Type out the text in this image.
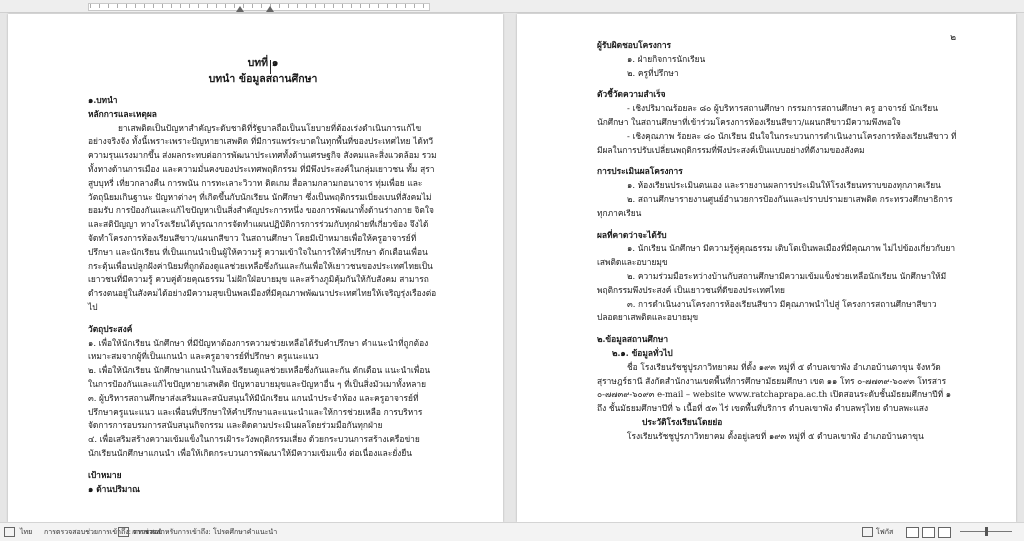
บทที่ ๑

บทนำ ข้อมูลสถานศึกษา

๑.บทนำ

หลักการและเหตุผล

ยาเสพติดเป็นปัญหาสำคัญระดับชาติที่รัฐบาลถือเป็นนโยบายที่ต้องเร่งดำเนินการแก้ไขอย่างจริงจัง ทั้งนี้เพราะเพราะปัญหายาเสพติด ที่มีการแพร่ระบาดในทุกพื้นที่ของประเทศไทย ได้ทวีความรุนแรงมากขึ้น ส่งผลกระทบต่อการพัฒนาประเทศทั้งด้านเศรษฐกิจ สังคมและสิ่งแวดล้อม รวมทั้งทางด้านการเมือง และความมั่นคงของประเทศพฤติกรรม ที่มีพึงประสงค์ในกลุ่มเยาวชน ทั้ม สุรา สูบบุหรี่ เที่ยวกลางคืน การพนัน การทะเลาะวิวาท ติดเกม สื่อลามกลามกอนาจาร ทุ่มเพื่อย และวัตถุนิยมเกินฐานะ ปัญหาต่างๆ ที่เกิดขึ้นกับนักเรียน นักศึกษา ซึ่งเป็นพฤติกรรมเบี่ยงเบนที่สังคมไม่ยอมรับ การป้องกันและแก้ไขปัญหาเป็นสิ่งสำคัญประการหนึ่ง ของการพัฒนาทั้งด้านร่างกาย จิตใจ และสติปัญญา ทางโรงเรียนได้บูรณาการจัดทำแผนปฏิบัติการการร่วมกับทุกฝ่ายที่เกี่ยวข้อง จึงได้จัดทำโครงการห้องเรียนสีขาว/แผนกสีขาว ในสถานศึกษา โดยมีเป้าหมายเพื่อให้ครูอาจารย์ที่ปรึกษา และนักเรียน ที่เป็นแกนนำเป็นผู้ให้ความรู้ ความเข้าใจในการให้คำปรึกษา ตักเตือนเพื่อน กระตุ้นเพื่อนปลูกฝังค่านิยมที่ถูกต้องดูแลช่วยเหลือซึ่งกันและกันเพื่อให้เยาวชนของประเทศไทยเป็นเยาวชนที่มีความรู้ ควบคู่ด้วยคุณธรรม ไม่ฝักใฝ่อบายมุข และสร้างภูมิคุ้มกันให้กับสังคม สามารถดำรงตนอยู่ในสังคมได้อย่างมีความสุขเป็นพลเมืองที่มีคุณภาพพัฒนาประเทศไทยให้เจริญรุ่งเรืองต่อไป

วัตถุประสงค์

๑. เพื่อให้นักเรียน นักศึกษา ที่มีปัญหาต้องการความช่วยเหลือได้รับคำปรึกษา คำแนะนำที่ถูกต้องเหมาะสมจากผู้ที่เป็นแกนนำ และครูอาจารย์ที่ปรึกษา ครูแนะแนว

๒. เพื่อให้นักเรียน นักศึกษาแกนนำในห้องเรียนดูแลช่วยเหลือซึ่งกันและกัน ตักเตือน แนะนำเพื่อนในการป้องกันและแก้ไขปัญหายาเสพติด ปัญหาอบายมุขและปัญหาอื่น ๆ ที่เป็นสิ่งมัวเมาทั้งหลาย

๓. ผู้บริหารสถานศึกษาส่งเสริมและสนับสนุนให้มีนักเรียน แกนนำประจำห้อง และครูอาจารย์ที่ปรึกษาครูแนะแนว และเพื่อนที่ปรึกษาให้คำปรึกษาและแนะนำและให้การช่วยเหลือ การบริหารจัดการการอบรมการสนับสนุนกิจกรรม และติดตามประเมินผลโดยร่วมมือกันทุกฝ่าย

๔. เพื่อเสริมสร้างความเข้มแข็งในการเฝ้าระวังพฤติกรรมเสี่ยง ด้วยกระบวนการสร้างเครือข่ายนักเรียนนักศึกษาแกนนำ เพื่อให้เกิดกระบวนการพัฒนาให้มีความเข้มแข็ง ต่อเนื่องและยั่งยืน

เป้าหมาย

๑ ด้านปริมาณ

๒

ผู้รับผิดชอบโครงการ

๑. ฝ่ายกิจการนักเรียน

๒. ครูที่ปรึกษา

ตัวชี้วัดความสำเร็จ

- เชิงปริมาณร้อยละ ๘๐ ผู้บริหารสถานศึกษา กรรมการสถานศึกษา ครู อาจารย์ นักเรียน นักศึกษา ในสถานศึกษาที่เข้าร่วมโครงการห้องเรียนสีขาว/แผนกสีขาวมีความพึงพอใจ

- เชิงคุณภาพ ร้อยละ ๘๐ นักเรียน มีนใจในกระบวนการดำเนินงานโครงการห้องเรียนสีขาว ที่มีผลในการปรับเปลี่ยนพฤติกรรมที่พึงประสงค์เป็นแบบอย่างที่ดีงามของสังคม

การประเมินผลโครงการ

๑. ห้องเรียนประเมินตนเอง และรายงานผลการประเมินให้โรงเรียนทราบของทุกภาคเรียน

๒. สถานศึกษารายงานศูนย์อำนวยการป้องกันและปราบปรามยาเสพติด กระทรวงศึกษาธิการ ทุกภาคเรียน

ผลที่คาดว่าจะได้รับ

๑. นักเรียน นักศึกษา มีความรู้คู่คุณธรรม เติบโตเป็นพลเมืองที่มีคุณภาพ ไม่ไปข้องเกี่ยวกับยาเสพติดและอบายมุข

๒. ความร่วมมือระหว่างบ้านกับสถานศึกษามีความเข้มแข็งช่วยเหลือนักเรียน นักศึกษาให้มีพฤติกรรมพึงประสงค์ เป็นเยาวชนที่ดีของประเทศไทย

๓. การดำเนินงานโครงการห้องเรียนสีขาว มีคุณภาพนำไปสู่ โครงการสถานศึกษาสีขาวปลอดยาเสพติดและอบายมุข

๒.ข้อมูลสถานศึกษา

๒.๑. ข้อมูลทั่วไป

ชื่อ โรงเรียนรัชชูปูรภาวิทยาคม ที่ตั้ง ๑๙๓ หมู่ที่ ๕ ตำบลเขาพัง อำเภอบ้านตาขุน จังหวัดสุราษฎร์ธานี สังกัดสำนักงานเขตพื้นที่การศึกษามัธยมศึกษา เขต ๑๑ โทร ๐-๗๗๓๙-๖๐๙๓ โทรสาร ๐-๗๗๓๙-๖๐๙๓ e-mail – website www.ratchaprapa.ac.th เปิดสอนระดับชั้นมัธยมศึกษาปีที่ ๑ ถึง ชั้นมัธยมศึกษาปีที่ ๖ เนื้อที่ ๕๓ ไร่ เขตพื้นที่บริการ ตำบลเขาพัง ตำบลพรุไทย ตำบลพะแสง

ประวัติโรงเรียนโดยย่อ

โรงเรียนรัชชูปูรภาวิทยาคม ตั้งอยู่เลขที่ ๑๙๓ หมู่ที่ ๕ ตำบลเขาพัง อำเภอบ้านตาขุน

ไทย การตรวจสอบช่วยการเข้าถึง: ตรวจสอบ
การช่วยสำหรับการเข้าถึง: โปรดศึกษาคำแนะนำ	โฟกัส
